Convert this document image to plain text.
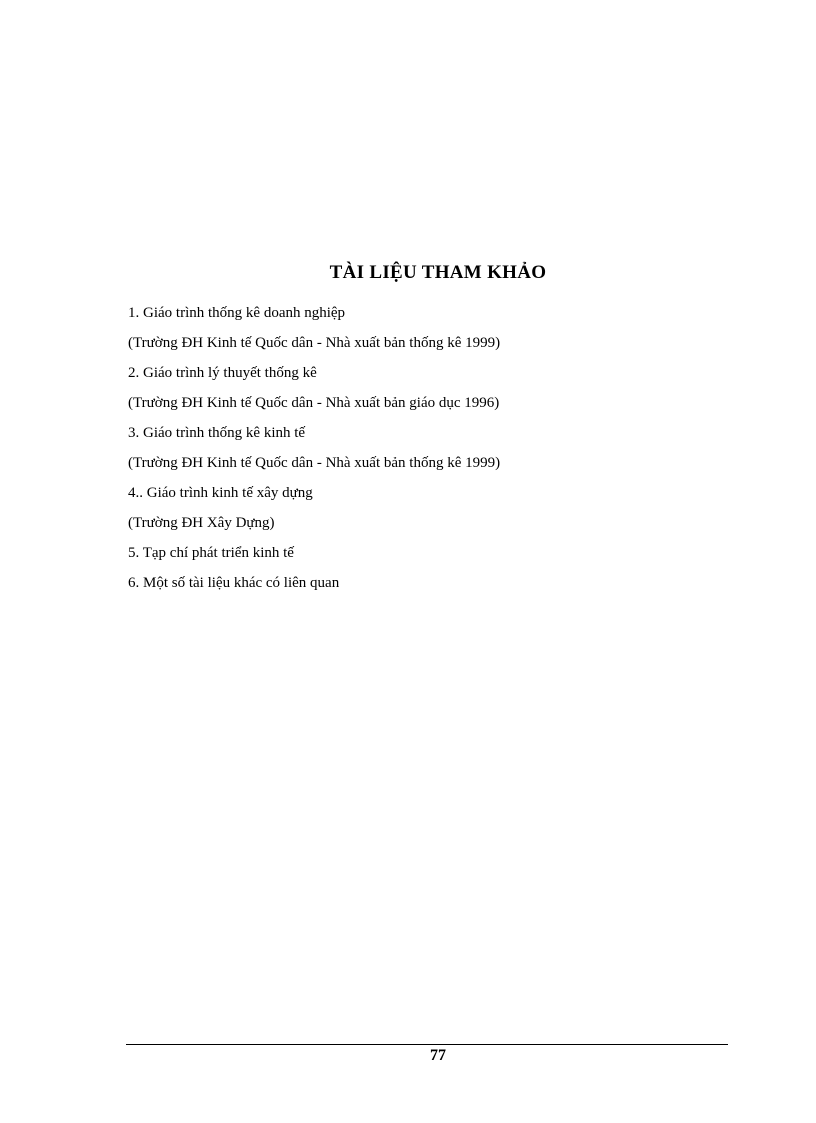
TÀI LIỆU THAM KHẢO
1. Giáo trình thống kê doanh nghiệp
(Trường ĐH Kinh tế Quốc dân - Nhà xuất bản thống kê 1999)
2. Giáo trình lý thuyết thống kê
(Trường ĐH Kinh tế Quốc dân - Nhà xuất bản giáo dục 1996)
3. Giáo trình thống kê kinh tế
(Trường ĐH Kinh tế Quốc dân - Nhà xuất bản thống kê 1999)
4.. Giáo trình kinh tế xây dựng
(Trường ĐH Xây Dựng)
5. Tạp chí phát triển kinh tế
6. Một số tài liệu khác có liên quan
77
